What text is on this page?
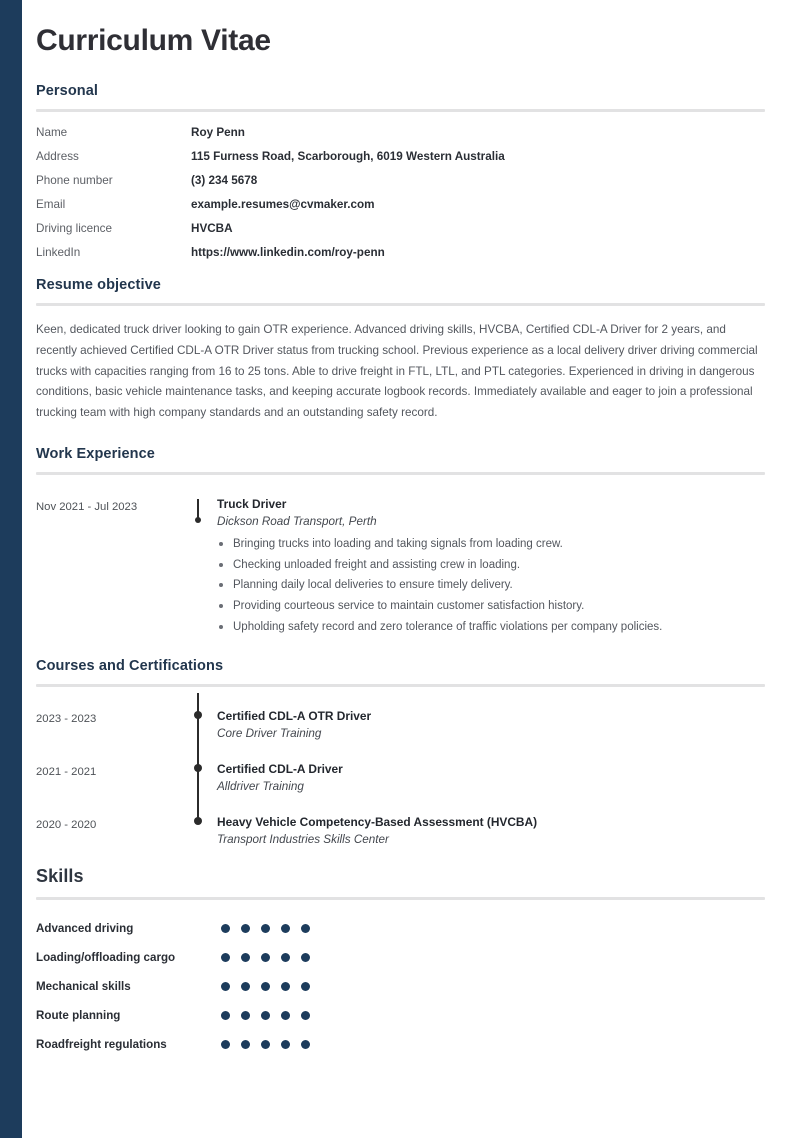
Curriculum Vitae
Personal
Name	Roy Penn
Address	115 Furness Road, Scarborough, 6019 Western Australia
Phone number	(3) 234 5678
Email	example.resumes@cvmaker.com
Driving licence	HVCBA
LinkedIn	https://www.linkedin.com/roy-penn
Resume objective

Keen, dedicated truck driver looking to gain OTR experience. Advanced driving skills, HVCBA, Certified CDL-A Driver for 2 years, and recently achieved Certified CDL-A OTR Driver status from trucking school. Previous experience as a local delivery driver driving commercial trucks with capacities ranging from 16 to 25 tons. Able to drive freight in FTL, LTL, and PTL categories. Experienced in driving in dangerous conditions, basic vehicle maintenance tasks, and keeping accurate logbook records. Immediately available and eager to join a professional trucking team with high company standards and an outstanding safety record.

Work Experience
Nov 2021 - Jul 2023	Truck Driver
Dickson Road Transport, Perth
Bringing trucks into loading and taking signals from loading crew.
Checking unloaded freight and assisting crew in loading.
Planning daily local deliveries to ensure timely delivery.
Providing courteous service to maintain customer satisfaction history.
Upholding safety record and zero tolerance of traffic violations per company policies.
Courses and Certifications
2023 - 2023	Certified CDL-A OTR Driver
Core Driver Training
2021 - 2021	Certified CDL-A Driver
Alldriver Training
2020 - 2020	Heavy Vehicle Competency-Based Assessment (HVCBA)
Transport Industries Skills Center
Skills
Advanced driving
Loading/offloading cargo
Mechanical skills
Route planning
Roadfreight regulations
